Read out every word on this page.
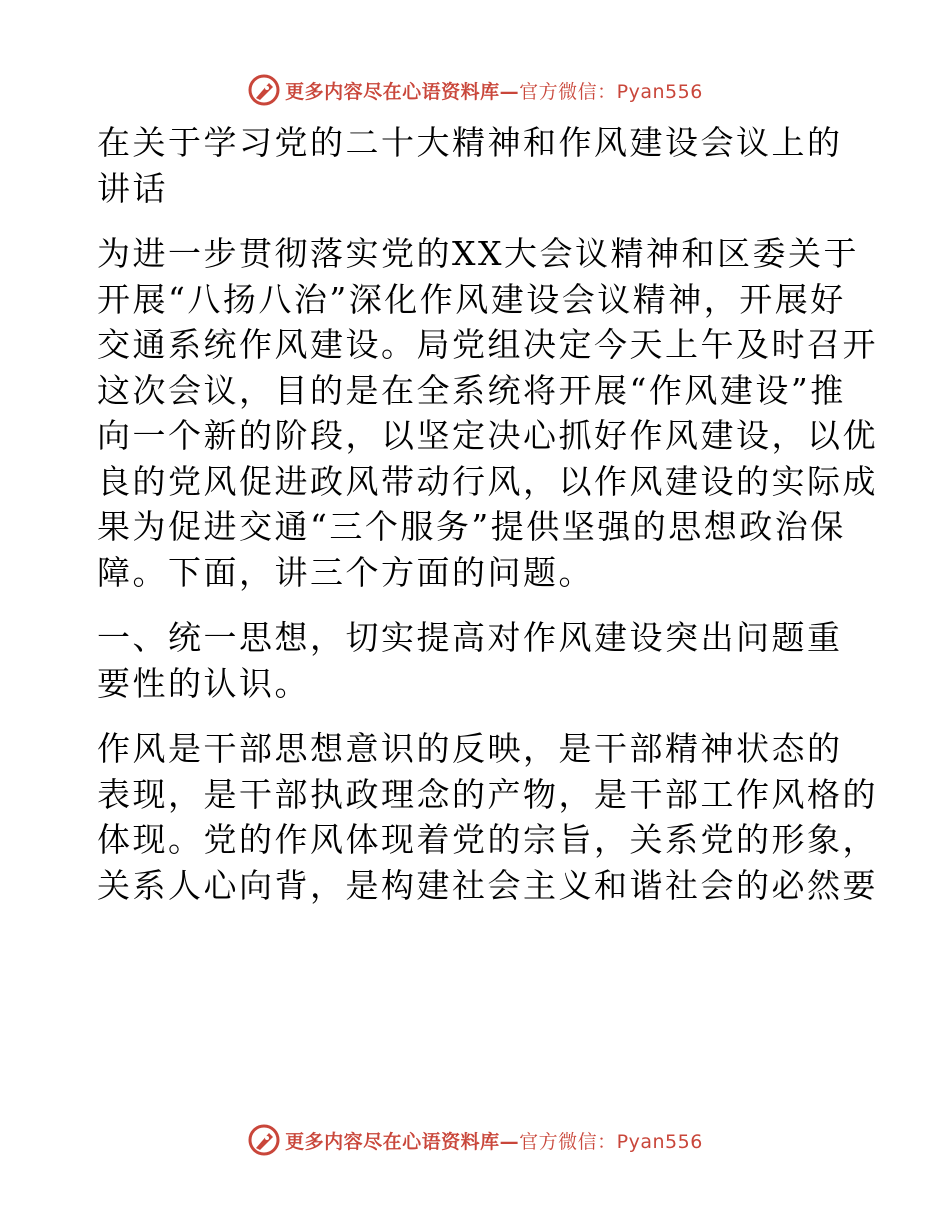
更多内容尽在心语资料库—官方微信：Pyan556

在关于学习党的二十大精神和作风建设会议上的
讲话

为进一步贯彻落实党的XX大会议精神和区委关于
开展“八扬八治”深化作风建设会议精神，开展好
交通系统作风建设。局党组决定今天上午及时召开
这次会议，目的是在全系统将开展“作风建设”推
向一个新的阶段，以坚定决心抓好作风建设，以优
良的党风促进政风带动行风，以作风建设的实际成
果为促进交通“三个服务”提供坚强的思想政治保
障。下面，讲三个方面的问题。

一、统一思想，切实提高对作风建设突出问题重
要性的认识。

作风是干部思想意识的反映，是干部精神状态的
表现，是干部执政理念的产物，是干部工作风格的
体现。党的作风体现着党的宗旨，关系党的形象，
关系人心向背，是构建社会主义和谐社会的必然要

更多内容尽在心语资料库—官方微信：Pyan556
